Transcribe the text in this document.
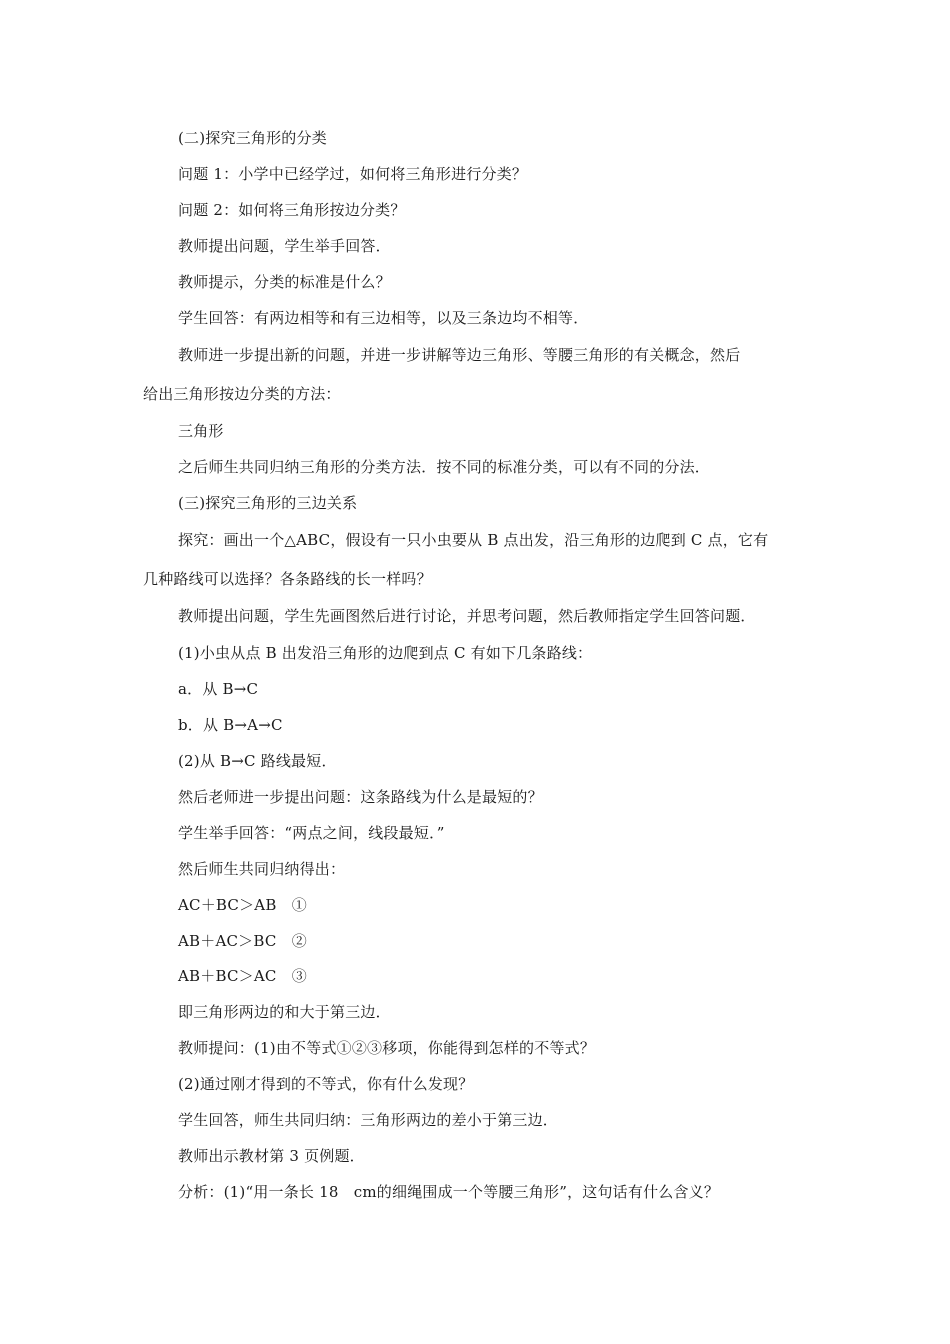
(二)探究三角形的分类
问题 1：小学中已经学过，如何将三角形进行分类？
问题 2：如何将三角形按边分类？
教师提出问题，学生举手回答．
教师提示，分类的标准是什么？
学生回答：有两边相等和有三边相等，以及三条边均不相等．
教师进一步提出新的问题，并进一步讲解等边三角形、等腰三角形的有关概念，然后
给出三角形按边分类的方法：
三角形
之后师生共同归纳三角形的分类方法．按不同的标准分类，可以有不同的分法．
(三)探究三角形的三边关系
探究：画出一个△ABC，假设有一只小虫要从 B 点出发，沿三角形的边爬到 C 点，它有
几种路线可以选择？各条路线的长一样吗？
教师提出问题，学生先画图然后进行讨论，并思考问题，然后教师指定学生回答问题．
(1)小虫从点 B 出发沿三角形的边爬到点 C 有如下几条路线：
a．从 B→C
b．从 B→A→C
(2)从 B→C 路线最短．
然后老师进一步提出问题：这条路线为什么是最短的？
学生举手回答：“两点之间，线段最短．”
然后师生共同归纳得出：
AC＋BC＞AB　①
AB＋AC＞BC　②
AB＋BC＞AC　③
即三角形两边的和大于第三边．
教师提问：(1)由不等式①②③移项，你能得到怎样的不等式？
(2)通过刚才得到的不等式，你有什么发现？
学生回答，师生共同归纳：三角形两边的差小于第三边．
教师出示教材第 3 页例题．
分析：(1)“用一条长 18　cm的细绳围成一个等腰三角形”，这句话有什么含义？
